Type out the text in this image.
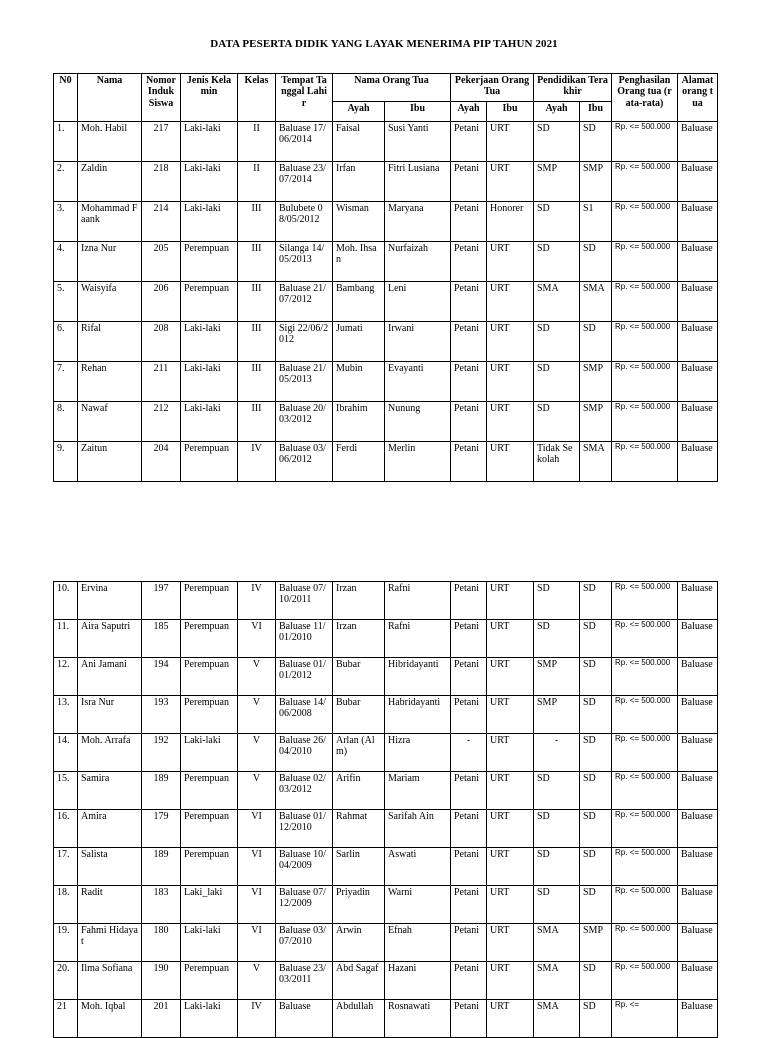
DATA PESERTA DIDIK YANG LAYAK MENERIMA PIP TAHUN 2021
N0	Nama	Nomor Induk Siswa	Jenis Kelamin	Kelas	Tempat Tanggal Lahir	Nama Orang Tua		Pekerjaan Orang Tua		Pendidikan Terakhir		Penghasilan Orang tua (rata-rata)	Alamat orang tua
						Ayah	Ibu	Ayah	Ibu	Ayah	Ibu		
1.	Moh. Habil	217	Laki-laki	II	Baluase 17/06/2014	Faisal	Susi Yanti	Petani	URT	SD	SD	Rp. <= 500.000	Baluase
2.	Zaldin	218	Laki-laki	II	Baluase 23/07/2014	Irfan	Fitri Lusiana	Petani	URT	SMP	SMP	Rp. <= 500.000	Baluase
3.	Mohammad Faank	214	Laki-laki	III	Bulubete 08/05/2012	Wisman	Maryana	Petani	Honorer	SD	S1	Rp. <= 500.000	Baluase
4.	Izna Nur	205	Perempuan	III	Silanga 14/05/2013	Moh. Ihsan	Nurfaizah	Petani	URT	SD	SD	Rp. <= 500.000	Baluase
5.	Waisyifa	206	Perempuan	III	Baluase 21/07/2012	Bambang	Leni	Petani	URT	SMA	SMA	Rp. <= 500.000	Baluase
6.	Rifal	208	Laki-laki	III	Sigi 22/06/2012	Jumati	Irwani	Petani	URT	SD	SD	Rp. <= 500.000	Baluase
7.	Rehan	211	Laki-laki	III	Baluase 21/05/2013	Mubin	Evayanti	Petani	URT	SD	SMP	Rp. <= 500.000	Baluase
8.	Nawaf	212	Laki-laki	III	Baluase 20/03/2012	Ibrahim	Nunung	Petani	URT	SD	SMP	Rp. <= 500.000	Baluase
9.	Zaitun	204	Perempuan	IV	Baluase 03/06/2012	Ferdi	Merlin	Petani	URT	Tidak Sekolah	SMA	Rp. <= 500.000	Baluase
10.	Ervina	197	Perempuan	IV	Baluase 07/10/2011	Irzan	Rafni	Petani	URT	SD	SD	Rp. <= 500.000	Baluase
11.	Aira Saputri	185	Perempuan	VI	Baluase 11/01/2010	Irzan	Rafni	Petani	URT	SD	SD	Rp. <= 500.000	Baluase
12.	Ani Jamani	194	Perempuan	V	Baluase 01/01/2012	Bubar	Hibridayanti	Petani	URT	SMP	SD	Rp. <= 500.000	Baluase
13.	Isra Nur	193	Perempuan	V	Baluase 14/06/2008	Bubar	Habridayanti	Petani	URT	SMP	SD	Rp. <= 500.000	Baluase
14.	Moh. Arrafa	192	Laki-laki	V	Baluase 26/04/2010	Arlan (Alm)	Hizra	-	URT	-	SD	Rp. <= 500.000	Baluase
15.	Samira	189	Perempuan	V	Baluase 02/03/2012	Arifin	Mariam	Petani	URT	SD	SD	Rp. <= 500.000	Baluase
16.	Amira	179	Perempuan	VI	Baluase 01/12/2010	Rahmat	Sarifah Ain	Petani	URT	SD	SD	Rp. <= 500.000	Baluase
17.	Salista	189	Perempuan	VI	Baluase 10/04/2009	Sarlin	Aswati	Petani	URT	SD	SD	Rp. <= 500.000	Baluase
18.	Radit	183	Laki_laki	VI	Baluase 07/12/2009	Priyadin	Warni	Petani	URT	SD	SD	Rp. <= 500.000	Baluase
19.	Fahmi Hidayat	180	Laki-laki	VI	Baluase 03/07/2010	Arwin	Efnah	Petani	URT	SMA	SMP	Rp. <= 500.000	Baluase
20.	Ilma Sofiana	190	Perempuan	V	Baluase 23/03/2011	Abd Sagaf	Hazani	Petani	URT	SMA	SD	Rp. <= 500.000	Baluase
21	Moh. Iqbal	201	Laki-laki	IV	Baluase	Abdullah	Rosnawati	Petani	URT	SMA	SD	Rp. <=	Baluase
